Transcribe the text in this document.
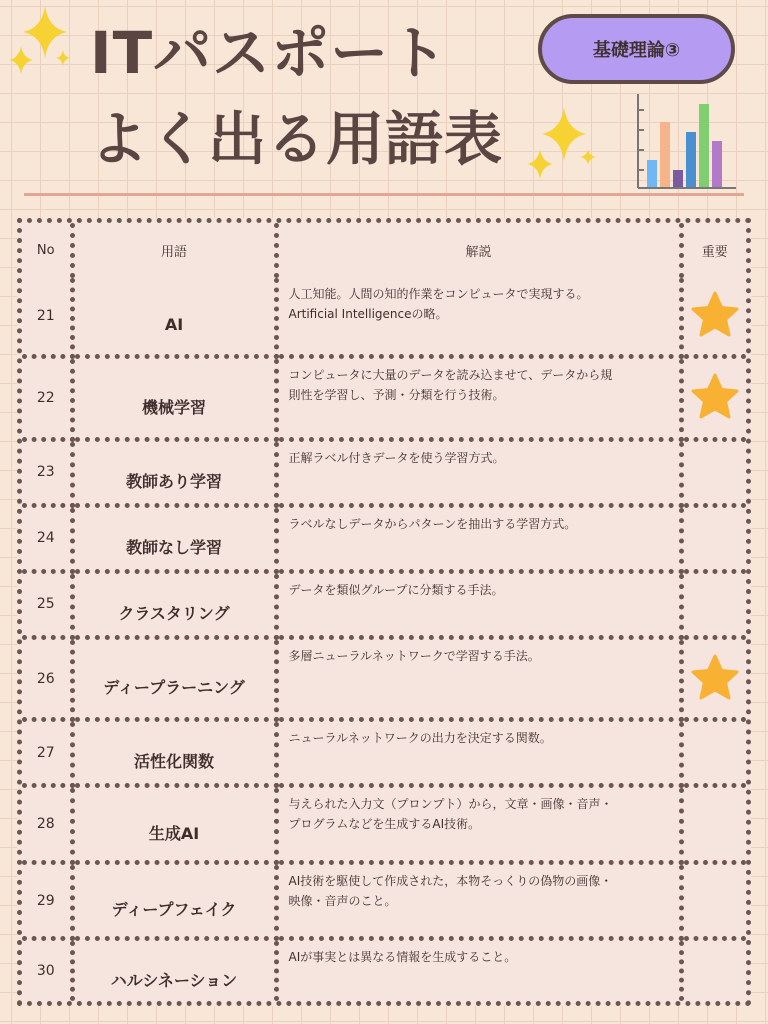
ITパスポート
よく出る用語表
基礎理論③
No	用語	解説	重要
21	AI	人工知能。人間の知的作業をコンピュータで実現する。
Artificial Intelligenceの略。

22	機械学習	コンピュータに大量のデータを読み込ませて、データから規
則性を学習し、予測・分類を行う技術。

23	教師あり学習	正解ラベル付きデータを使う学習方式。	

24	教師なし学習	ラベルなしデータからパターンを抽出する学習方式。	

25	クラスタリング	データを類似グループに分類する手法。	

26	ディープラーニング	多層ニューラルネットワークで学習する手法。

27	活性化関数	ニューラルネットワークの出力を決定する関数。	

28	生成AI	与えられた入力文（プロンプト）から，文章・画像・音声・
プログラムなどを生成するAI技術。	

29	ディープフェイク	AI技術を駆使して作成された，本物そっくりの偽物の画像・
映像・音声のこと。	

30	ハルシネーション	AIが事実とは異なる情報を生成すること。	
